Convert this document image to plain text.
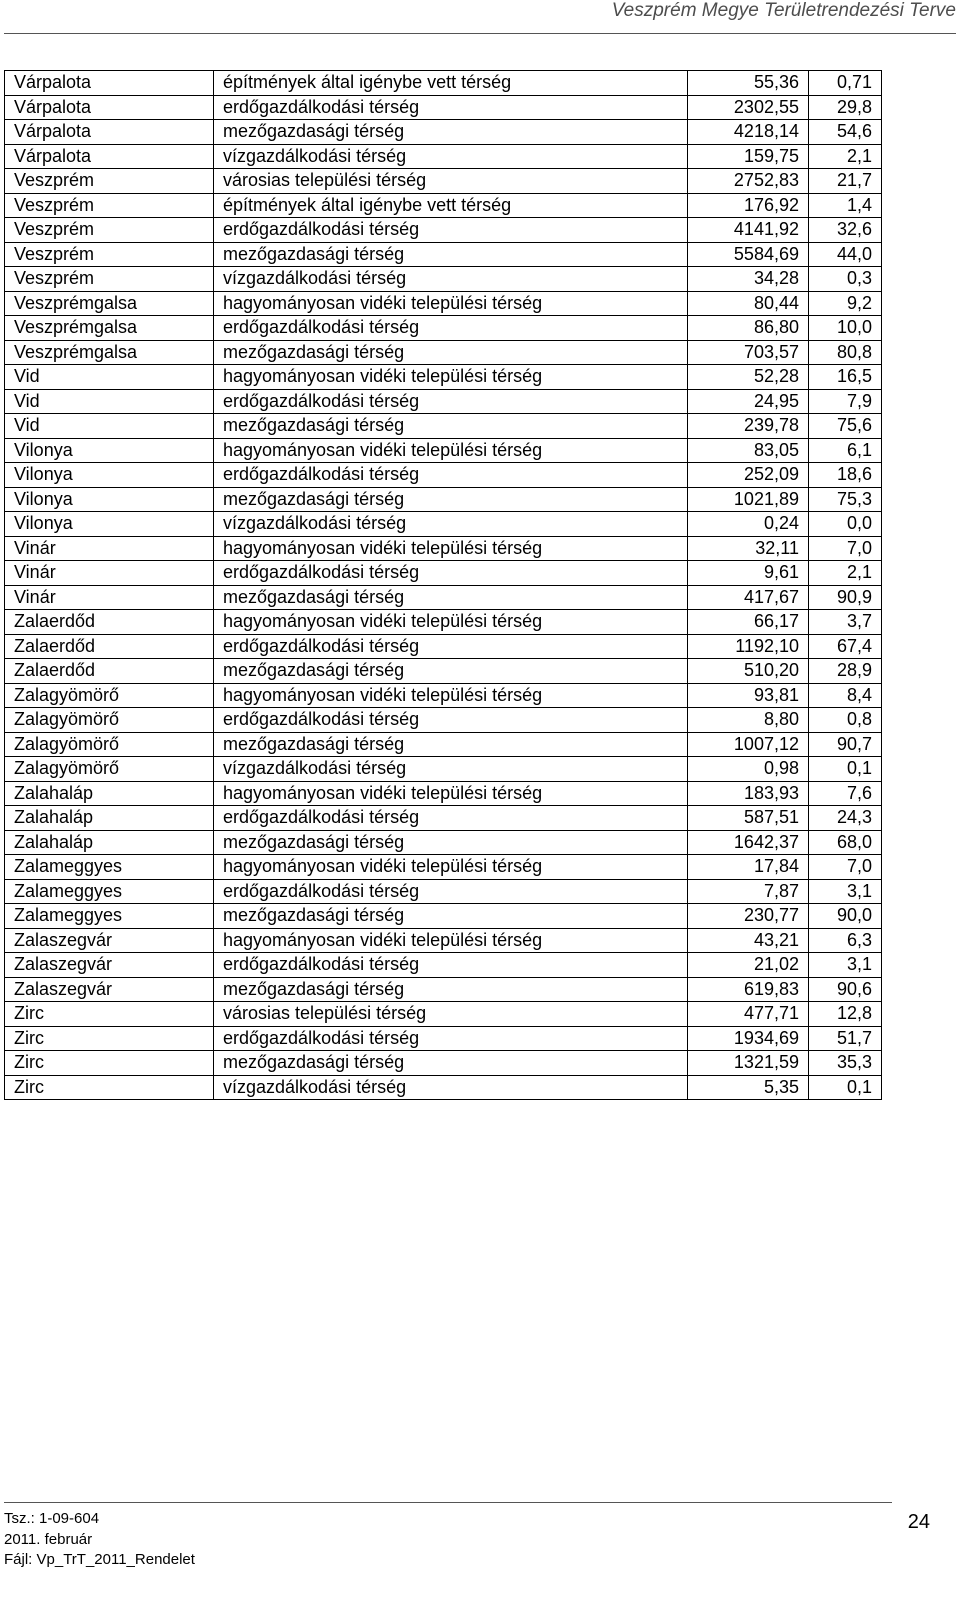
Veszprém Megye Területrendezési Terve
Várpalota	építmények által igénybe vett térség	55,36	0,71
Várpalota	erdőgazdálkodási térség	2302,55	29,8
Várpalota	mezőgazdasági térség	4218,14	54,6
Várpalota	vízgazdálkodási térség	159,75	2,1
Veszprém	városias települési térség	2752,83	21,7
Veszprém	építmények által igénybe vett térség	176,92	1,4
Veszprém	erdőgazdálkodási térség	4141,92	32,6
Veszprém	mezőgazdasági térség	5584,69	44,0
Veszprém	vízgazdálkodási térség	34,28	0,3
Veszprémgalsa	hagyományosan vidéki települési térség	80,44	9,2
Veszprémgalsa	erdőgazdálkodási térség	86,80	10,0
Veszprémgalsa	mezőgazdasági térség	703,57	80,8
Vid	hagyományosan vidéki települési térség	52,28	16,5
Vid	erdőgazdálkodási térség	24,95	7,9
Vid	mezőgazdasági térség	239,78	75,6
Vilonya	hagyományosan vidéki települési térség	83,05	6,1
Vilonya	erdőgazdálkodási térség	252,09	18,6
Vilonya	mezőgazdasági térség	1021,89	75,3
Vilonya	vízgazdálkodási térség	0,24	0,0
Vinár	hagyományosan vidéki települési térség	32,11	7,0
Vinár	erdőgazdálkodási térség	9,61	2,1
Vinár	mezőgazdasági térség	417,67	90,9
Zalaerdőd	hagyományosan vidéki települési térség	66,17	3,7
Zalaerdőd	erdőgazdálkodási térség	1192,10	67,4
Zalaerdőd	mezőgazdasági térség	510,20	28,9
Zalagyömörő	hagyományosan vidéki települési térség	93,81	8,4
Zalagyömörő	erdőgazdálkodási térség	8,80	0,8
Zalagyömörő	mezőgazdasági térség	1007,12	90,7
Zalagyömörő	vízgazdálkodási térség	0,98	0,1
Zalahaláp	hagyományosan vidéki települési térség	183,93	7,6
Zalahaláp	erdőgazdálkodási térség	587,51	24,3
Zalahaláp	mezőgazdasági térség	1642,37	68,0
Zalameggyes	hagyományosan vidéki települési térség	17,84	7,0
Zalameggyes	erdőgazdálkodási térség	7,87	3,1
Zalameggyes	mezőgazdasági térség	230,77	90,0
Zalaszegvár	hagyományosan vidéki települési térség	43,21	6,3
Zalaszegvár	erdőgazdálkodási térség	21,02	3,1
Zalaszegvár	mezőgazdasági térség	619,83	90,6
Zirc	városias települési térség	477,71	12,8
Zirc	erdőgazdálkodási térség	1934,69	51,7
Zirc	mezőgazdasági térség	1321,59	35,3
Zirc	vízgazdálkodási térség	5,35	0,1
Tsz.: 1-09-604
2011. február
Fájl: Vp_TrT_2011_Rendelet
24
